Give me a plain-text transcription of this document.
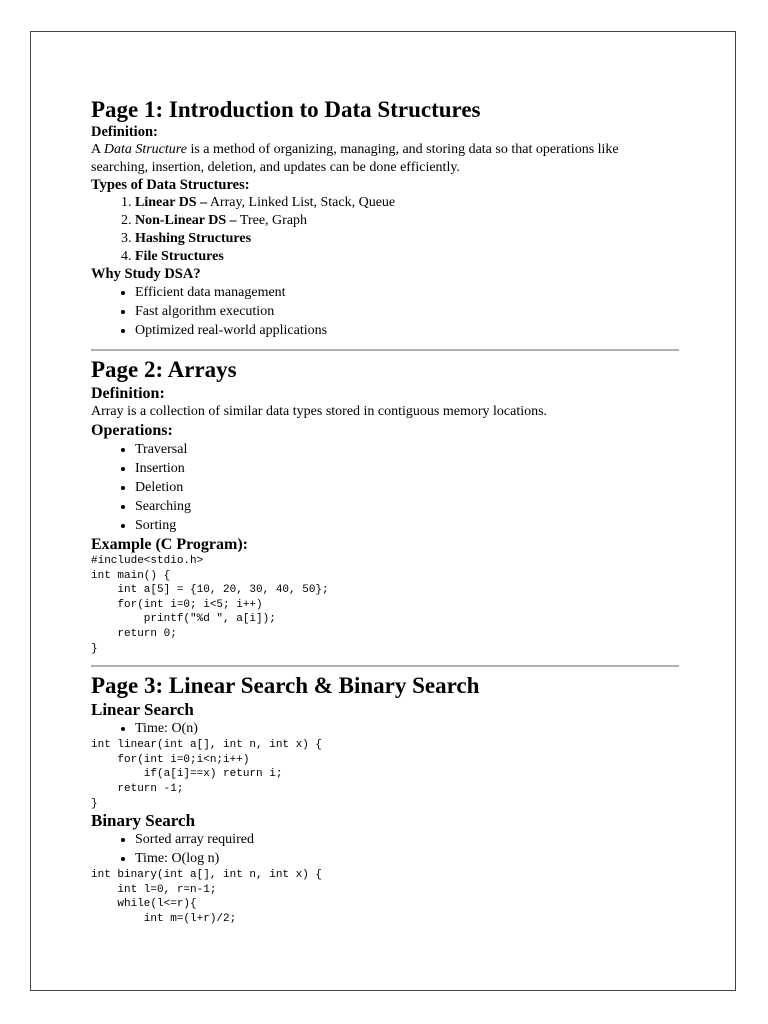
Page 1: Introduction to Data Structures
Definition:

A Data Structure is a method of organizing, managing, and storing data so that operations like searching, insertion, deletion, and updates can be done efficiently.

Types of Data Structures:
1. Linear DS – Array, Linked List, Stack, Queue
2. Non-Linear DS – Tree, Graph
3. Hashing Structures
4. File Structures
Why Study DSA?
• Efficient data management
• Fast algorithm execution
• Optimized real-world applications
Page 2: Arrays
Definition:

Array is a collection of similar data types stored in contiguous memory locations.

Operations:
• Traversal
• Insertion
• Deletion
• Searching
• Sorting
Example (C Program):
#include<stdio.h>
int main() {
int a[5] = {10, 20, 30, 40, 50};
for(int i=0; i<5; i++)
printf("%d ", a[i]);
return 0;
}
Page 3: Linear Search & Binary Search
Linear Search
• Time: O(n)
int linear(int a[], int n, int x) {
for(int i=0;i<n;i++)
if(a[i]==x) return i;
return -1;
}
Binary Search
• Sorted array required
• Time: O(log n)
int binary(int a[], int n, int x) {
int l=0, r=n-1;
while(l<=r){
int m=(l+r)/2;
